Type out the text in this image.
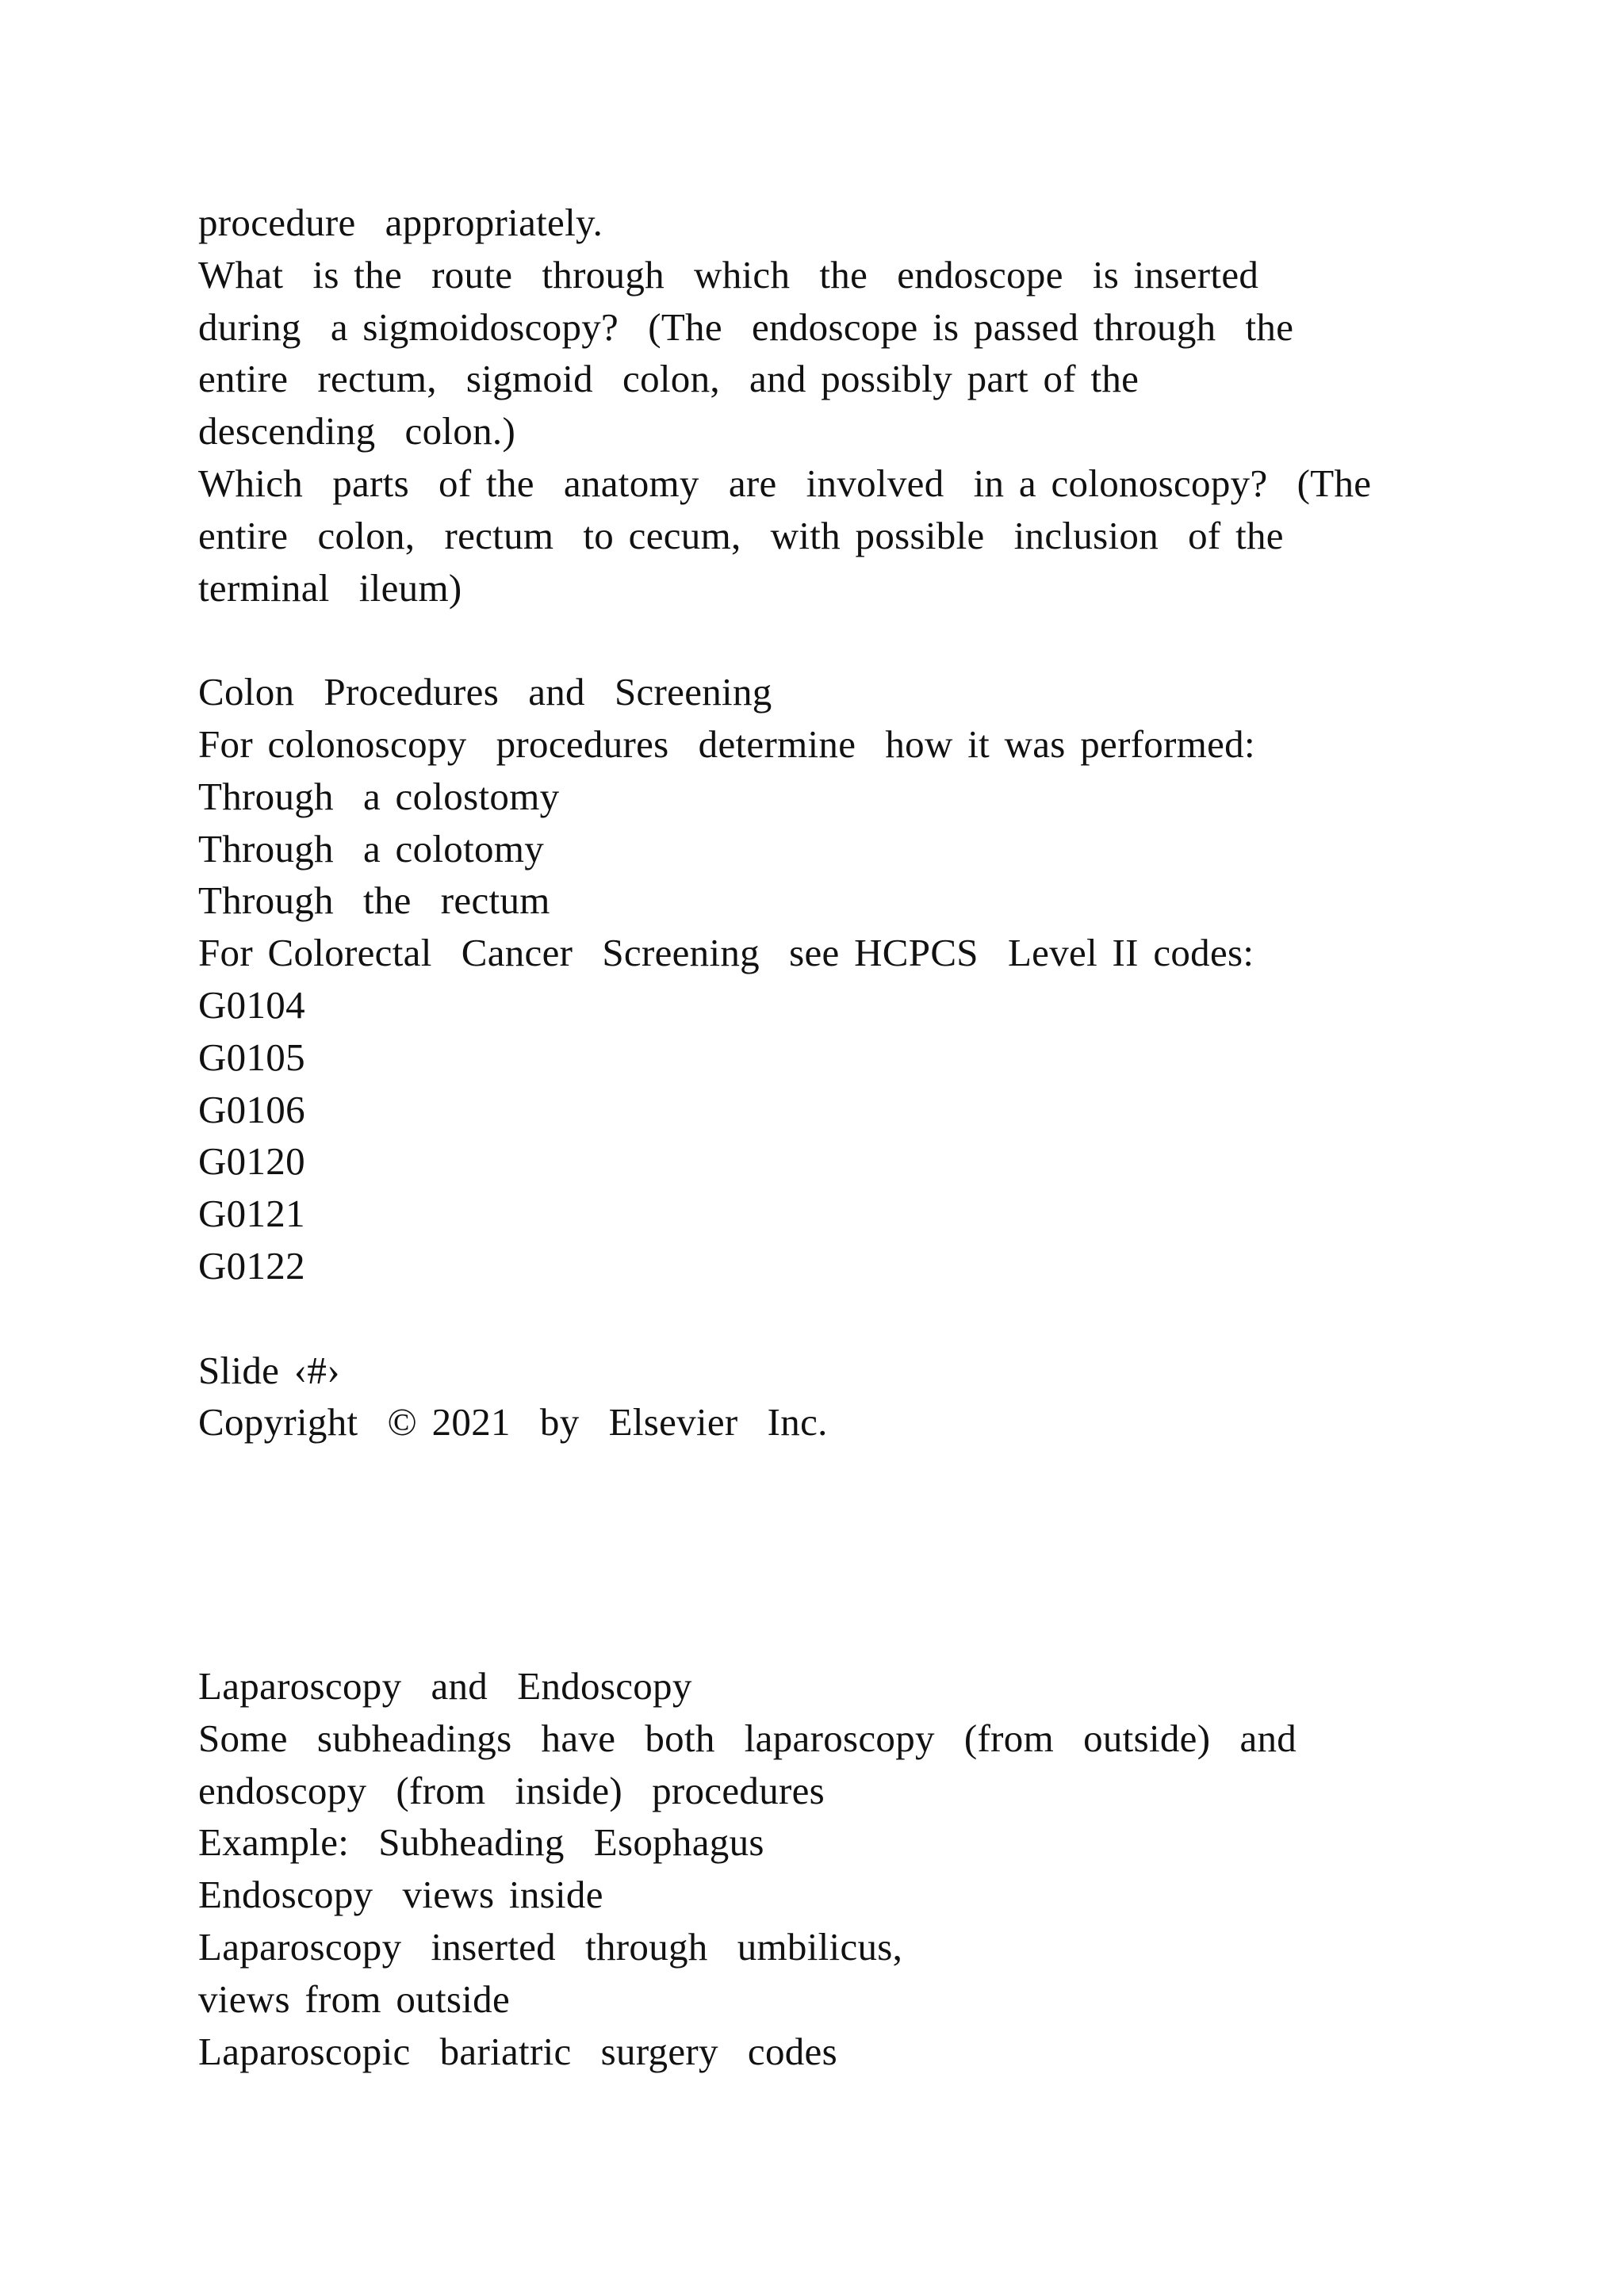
procedure  appropriately.
What  is the  route  through  which  the  endoscope  is inserted
during  a sigmoidoscopy?  (The  endoscope is passed through  the
entire  rectum,  sigmoid  colon,  and possibly part of the
descending  colon.)
Which  parts  of the  anatomy  are  involved  in a colonoscopy?  (The
entire  colon,  rectum  to cecum,  with possible  inclusion  of the
terminal  ileum)
Colon  Procedures  and  Screening
For colonoscopy  procedures  determine  how it was performed:
Through  a colostomy
Through  a colotomy
Through  the  rectum
For Colorectal  Cancer  Screening  see HCPCS  Level II codes:
G0104
G0105
G0106
G0120
G0121
G0122
Slide ‹#›
Copyright  © 2021  by  Elsevier  Inc.
Laparoscopy  and  Endoscopy
Some  subheadings  have  both  laparoscopy  (from  outside)  and
endoscopy  (from  inside)  procedures
Example:  Subheading  Esophagus
Endoscopy  views inside
Laparoscopy  inserted  through  umbilicus,
views from outside
Laparoscopic  bariatric  surgery  codes
